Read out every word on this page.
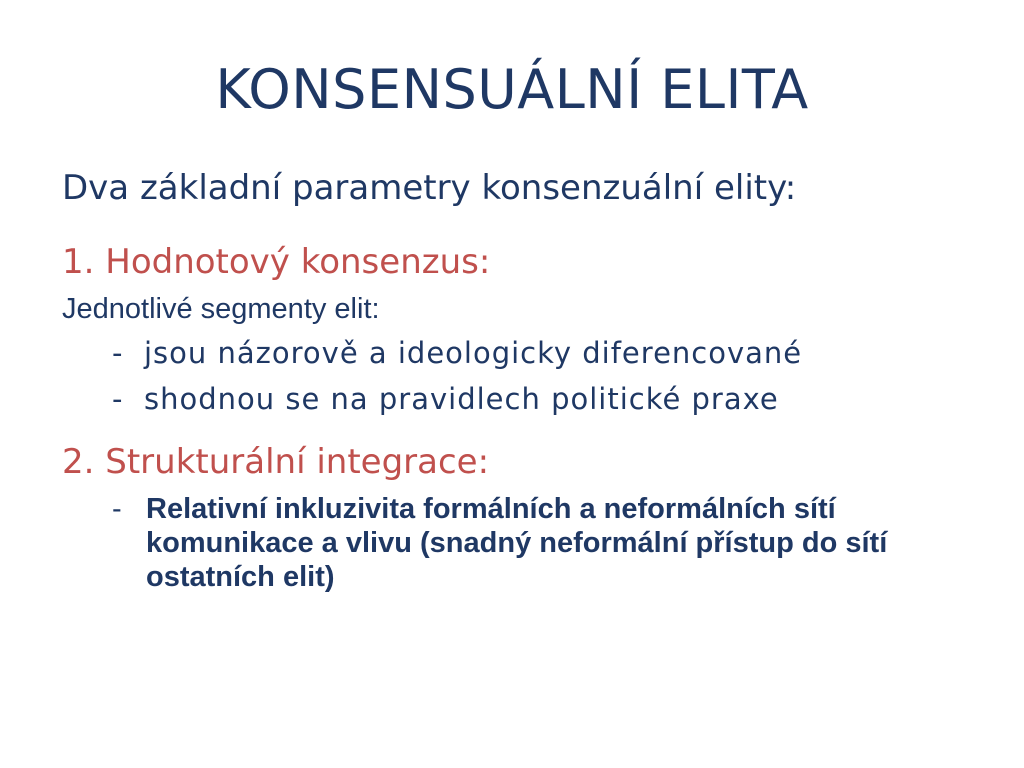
KONSENSUÁLNÍ ELITA
Dva základní parametry konsenzuální elity:
1. Hodnotový konsenzus:
Jednotlivé segmenty elit:
- jsou názorově a ideologicky diferencované
- shodnou se na pravidlech politické praxe
2. Strukturální integrace:
- Relativní inkluzivita formálních a neformálních sítí komunikace a vlivu (snadný neformální přístup do sítí ostatních elit)
